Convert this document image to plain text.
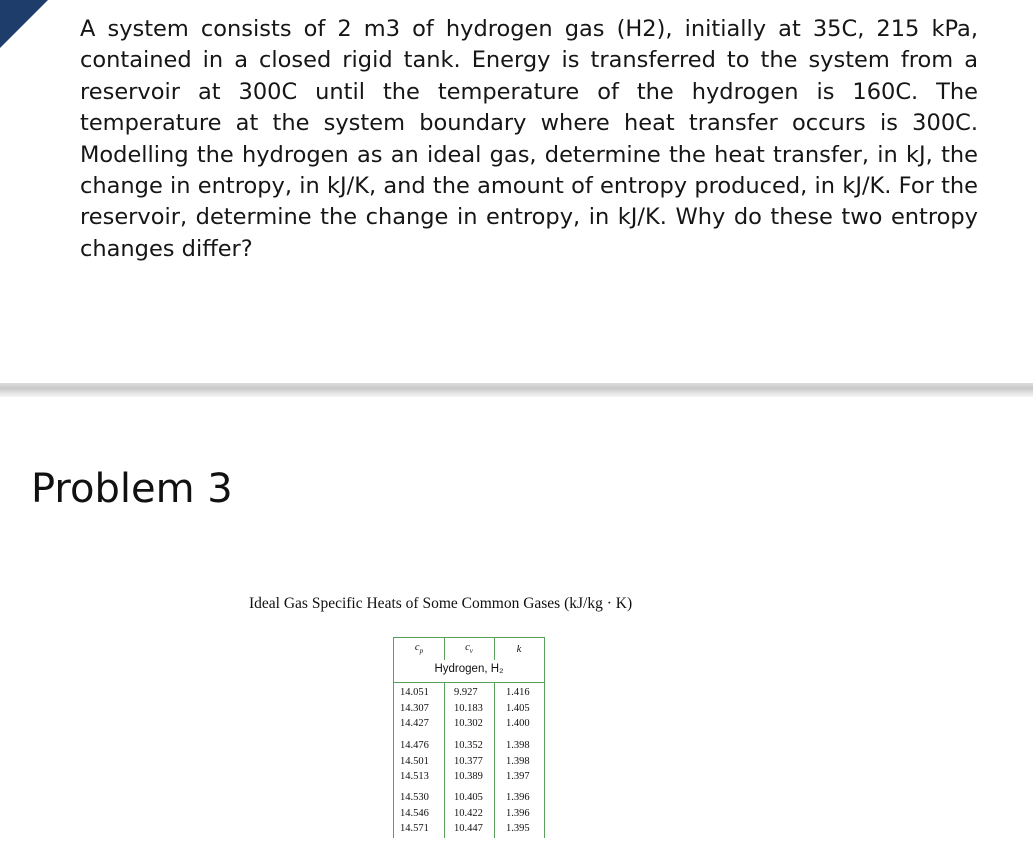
A system consists of 2 m3 of hydrogen gas (H2), initially at 35C, 215 kPa, contained in a closed rigid tank. Energy is transferred to the system from a reservoir at 300C until the temperature of the hydrogen is 160C. The temperature at the system boundary where heat transfer occurs is 300C. Modelling the hydrogen as an ideal gas, determine the heat transfer, in kJ, the change in entropy, in kJ/K, and the amount of entropy produced, in kJ/K. For the reservoir, determine the change in entropy, in kJ/K. Why do these two entropy changes differ?

Problem 3

Ideal Gas Specific Heats of Some Common Gases (kJ/kg · K)

$c_p$	$c_v$	k
Hydrogen, H₂
14.051	9.927	1.416
14.307	10.183	1.405
14.427	10.302	1.400
14.476	10.352	1.398
14.501	10.377	1.398
14.513	10.389	1.397
14.530	10.405	1.396
14.546	10.422	1.396
14.571	10.447	1.395
